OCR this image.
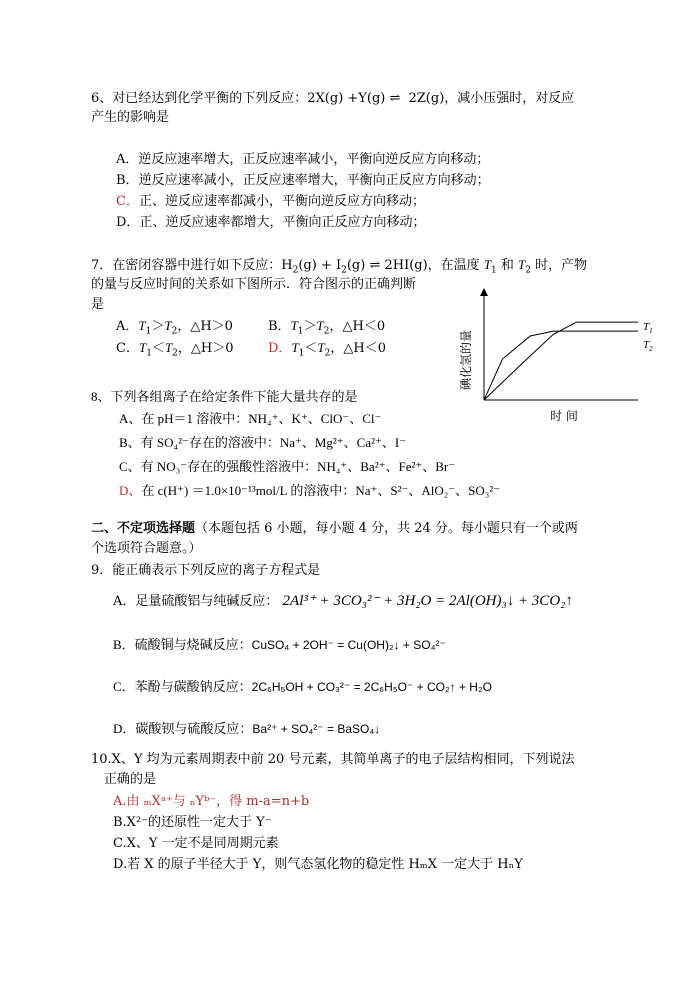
6、对已经达到化学平衡的下列反应：2X(g) +Y(g) ⇌ 2Z(g)，减小压强时，对反应
产生的影响是
A．逆反应速率增大，正反应速率减小，平衡向逆反应方向移动；
B．逆反应速率减小，正反应速率增大，平衡向正反应方向移动；
C．正、逆反应速率都减小，平衡向逆反应方向移动；
D．正、逆反应速率都增大，平衡向正反应方向移动；
7．在密闭容器中进行如下反应：$H_2(g) + I_2(g)$ ⇌ 2HI(g)，在温度 $T_1$ 和 $T_2$ 时，产物
的量与反应时间的关系如下图所示．符合图示的正确判断
是
A．$T_1>T_2$，△H＞0	B．$T_1>T_2$，△H＜0
C．$T_1<T_2$，△H＞0	D．$T_1<T_2$，△H＜0	碘化氢的量
$T_1$
$T_2$
时 间
8、下列各组离子在给定条件下能大量共存的是
A、在 pH＝1 溶液中：NH₄⁺、K⁺、ClO⁻、Cl⁻
B、有 SO₄²⁻存在的溶液中：Na⁺、Mg²⁺、Ca²⁺、I⁻
C、有 NO₃⁻存在的强酸性溶液中：NH₄⁺、Ba²⁺、Fe²⁺、Br⁻
D、在 c(H⁺) ＝1.0×10⁻¹³mol/L 的溶液中：Na⁺、S²⁻、AlO₂⁻、SO₃²⁻
二、不定项选择题（本题包括 6 小题，每小题 4 分，共 24 分。每小题只有一个或两
个选项符合题意。）
9．能正确表示下列反应的离子方程式是
A．足量硫酸铝与纯碱反应： 2Al³⁺ + 3CO₃²⁻ + 3H₂O = 2Al(OH)₃↓ + 3CO₂↑
B．硫酸铜与烧碱反应：CuSO₄ + 2OH⁻ = Cu(OH)₂↓ + SO₄²⁻
C．苯酚与碳酸钠反应：2C₆H₅OH + CO₃²⁻ = 2C₆H₅O⁻ + CO₂↑ + H₂O
D．碳酸钡与硫酸反应：Ba²⁺ + SO₄²⁻ = BaSO₄↓
10.X、Y 均为元素周期表中前 20 号元素，其简单离子的电子层结构相同，下列说法
正确的是
A.由 ₘXᵃ⁺与 ₙYᵇ⁻，得 m-a=n+b
B.X²⁻的还原性一定大于 Y⁻
C.X、Y 一定不是同周期元素
D.若 X 的原子半径大于 Y，则气态氢化物的稳定性 HₘX 一定大于 HₙY
